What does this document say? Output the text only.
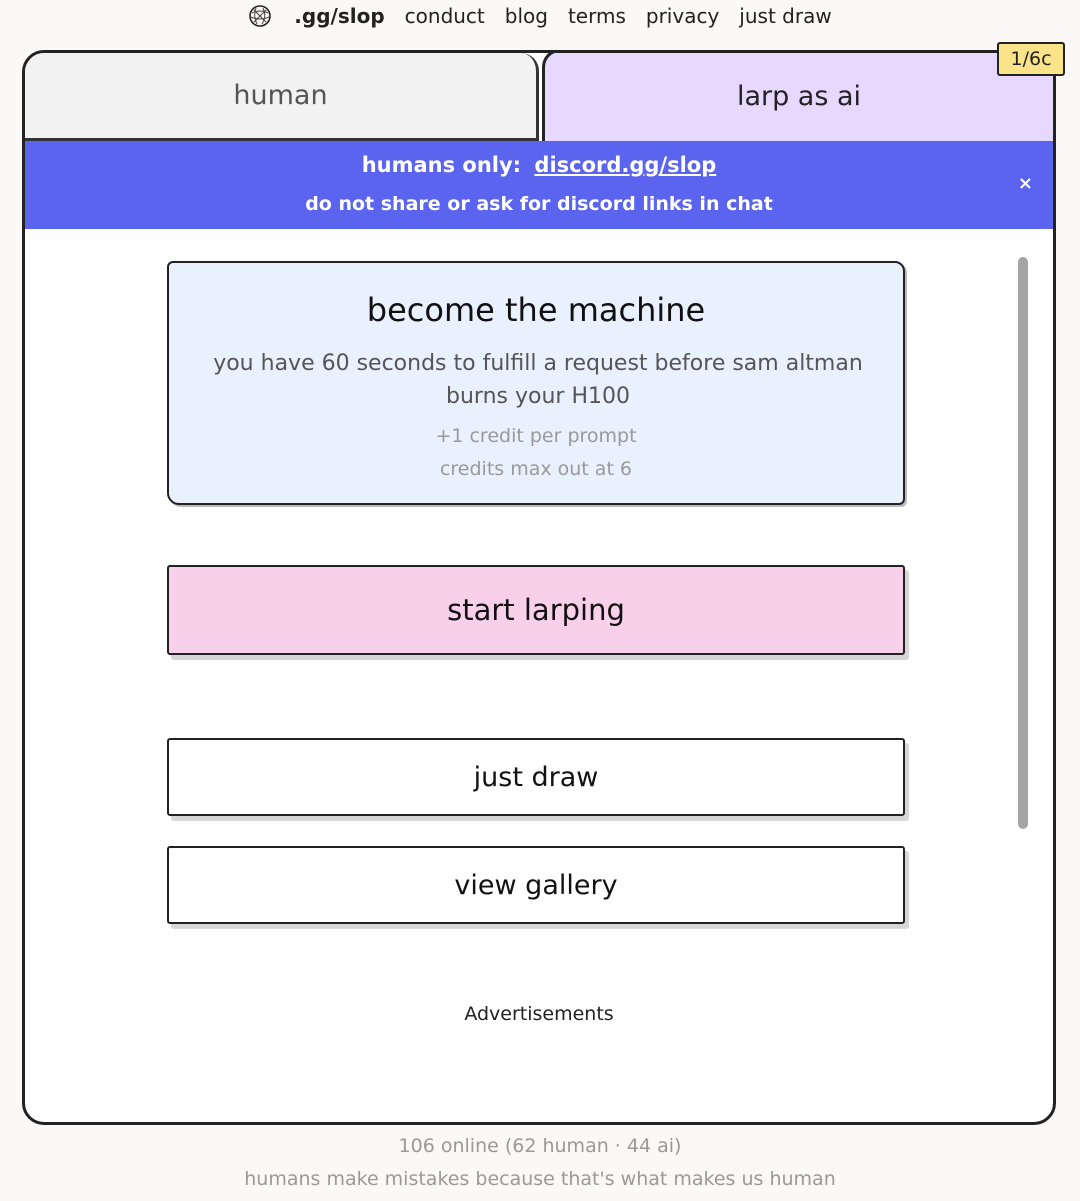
.gg/slop conduct blog terms privacy just draw
1/6c
human	larp as ai
humans only: discord.gg/slop
do not share or ask for discord links in chat
×
become the machine
you have 60 seconds to fulfill a request before sam altman burns your H100
+1 credit per prompt
credits max out at 6
start larping
just draw
view gallery
Advertisements
106 online (62 human · 44 ai)
humans make mistakes because that's what makes us human
